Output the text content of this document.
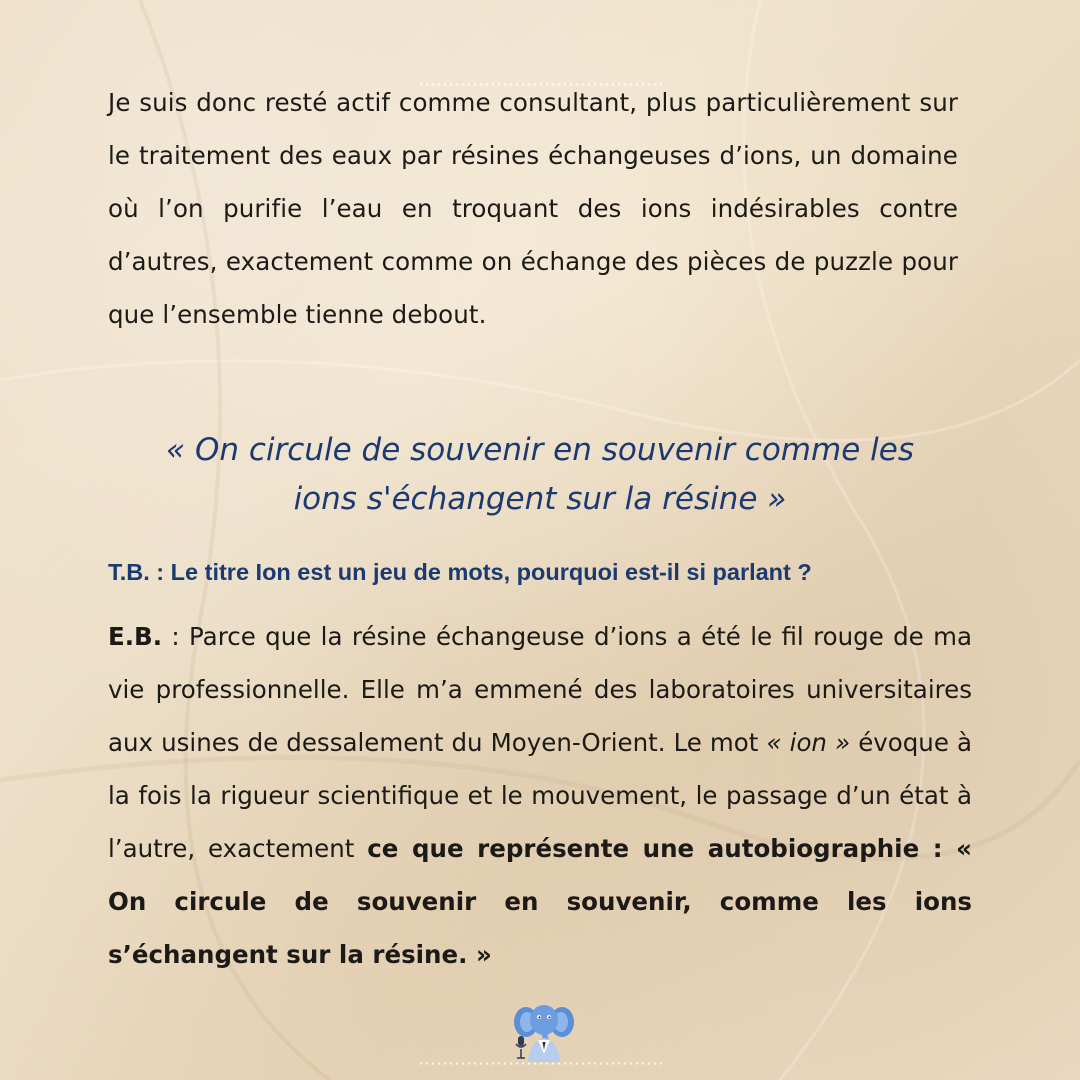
Je suis donc resté actif comme consultant, plus particulièrement sur le traitement des eaux par résines échangeuses d’ions, un domaine où l’on purifie l’eau en troquant des ions indésirables contre d’autres, exactement comme on échange des pièces de puzzle pour que l’ensemble tienne debout.

« On circule de souvenir en souvenir comme les
ions s'échangent sur la résine »
T.B. : Le titre Ion est un jeu de mots, pourquoi est-il si parlant ?

E.B. : Parce que la résine échangeuse d’ions a été le fil rouge de ma vie professionnelle. Elle m’a emmené des laboratoires universitaires aux usines de dessalement du Moyen-Orient. Le mot « ion » évoque à la fois la rigueur scientifique et le mouvement, le passage d’un état à l’autre, exactement ce que représente une autobiographie : « On circule de souvenir en souvenir, comme les ions s’échangent sur la résine. »
